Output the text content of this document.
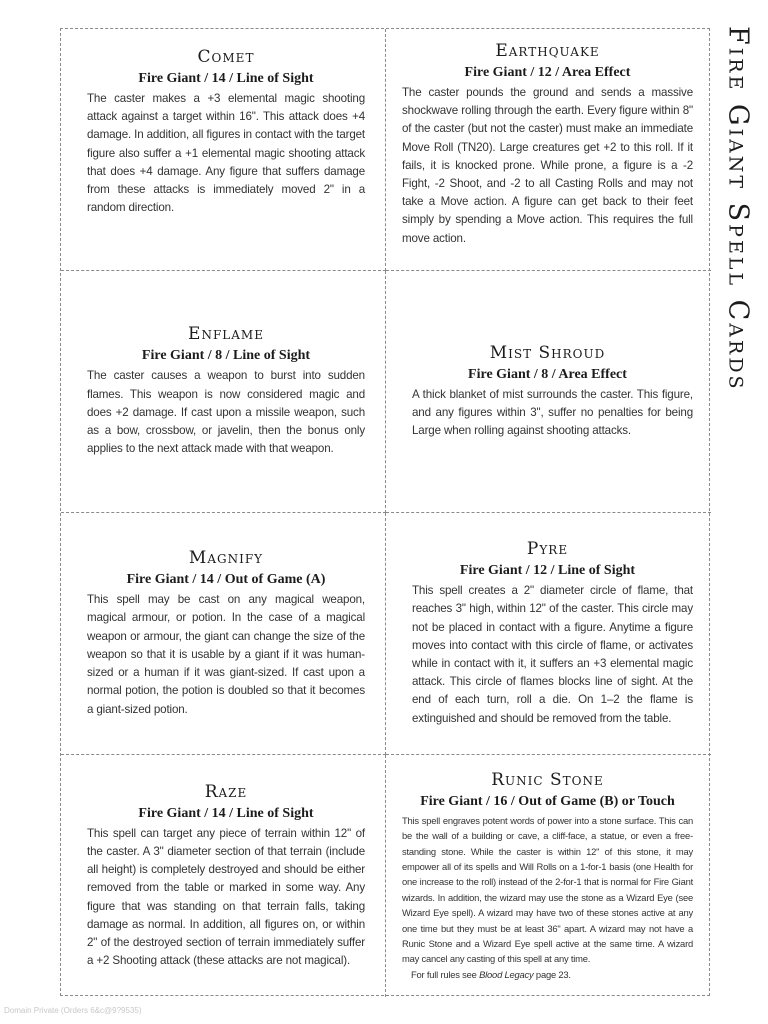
Comet
Fire Giant / 14 / Line of Sight

The caster makes a +3 elemental magic shooting attack against a target within 16". This attack does +4 damage. In addition, all figures in contact with the target figure also suffer a +1 elemental magic shooting attack that does +4 damage. Any figure that suffers damage from these attacks is immediately moved 2" in a random direction.

Earthquake
Fire Giant / 12 / Area Effect

The caster pounds the ground and sends a massive shockwave rolling through the earth. Every figure within 8" of the caster (but not the caster) must make an immediate Move Roll (TN20). Large creatures get +2 to this roll. If it fails, it is knocked prone. While prone, a figure is a -2 Fight, -2 Shoot, and -2 to all Casting Rolls and may not take a Move action. A figure can get back to their feet simply by spending a Move action. This requires the full move action.

Enflame
Fire Giant / 8 / Line of Sight

The caster causes a weapon to burst into sudden flames. This weapon is now considered magic and does +2 damage. If cast upon a missile weapon, such as a bow, crossbow, or javelin, then the bonus only applies to the next attack made with that weapon.

Mist Shroud
Fire Giant / 8 / Area Effect

A thick blanket of mist surrounds the caster. This figure, and any figures within 3", suffer no penalties for being Large when rolling against shooting attacks.

Magnify
Fire Giant / 14 / Out of Game (A)

This spell may be cast on any magical weapon, magical armour, or potion. In the case of a magical weapon or armour, the giant can change the size of the weapon so that it is usable by a giant if it was human-sized or a human if it was giant-sized. If cast upon a normal potion, the potion is doubled so that it becomes a giant-sized potion.

Pyre
Fire Giant / 12 / Line of Sight

This spell creates a 2" diameter circle of flame, that reaches 3" high, within 12" of the caster. This circle may not be placed in contact with a figure. Anytime a figure moves into contact with this circle of flame, or activates while in contact with it, it suffers an +3 elemental magic attack. This circle of flames blocks line of sight. At the end of each turn, roll a die. On 1–2 the flame is extinguished and should be removed from the table.

Raze
Fire Giant / 14 / Line of Sight

This spell can target any piece of terrain within 12" of the caster. A 3" diameter section of that terrain (include all height) is completely destroyed and should be either removed from the table or marked in some way. Any figure that was standing on that terrain falls, taking damage as normal. In addition, all figures on, or within 2" of the destroyed section of terrain immediately suffer a +2 Shooting attack (these attacks are not magical).

Runic Stone
Fire Giant / 16 / Out of Game (B) or Touch

This spell engraves potent words of power into a stone surface. This can be the wall of a building or cave, a cliff-face, a statue, or even a free-standing stone. While the caster is within 12" of this stone, it may empower all of its spells and Will Rolls on a 1-for-1 basis (one Health for one increase to the roll) instead of the 2-for-1 that is normal for Fire Giant wizards. In addition, the wizard may use the stone as a Wizard Eye (see Wizard Eye spell). A wizard may have two of these stones active at any one time but they must be at least 36" apart. A wizard may not have a Runic Stone and a Wizard Eye spell active at the same time. A wizard may cancel any casting of this spell at any time.

For full rules see Blood Legacy page 23.
Fire Giant Spell Cards
Domain Private (Orders 6&c@9?9535)
